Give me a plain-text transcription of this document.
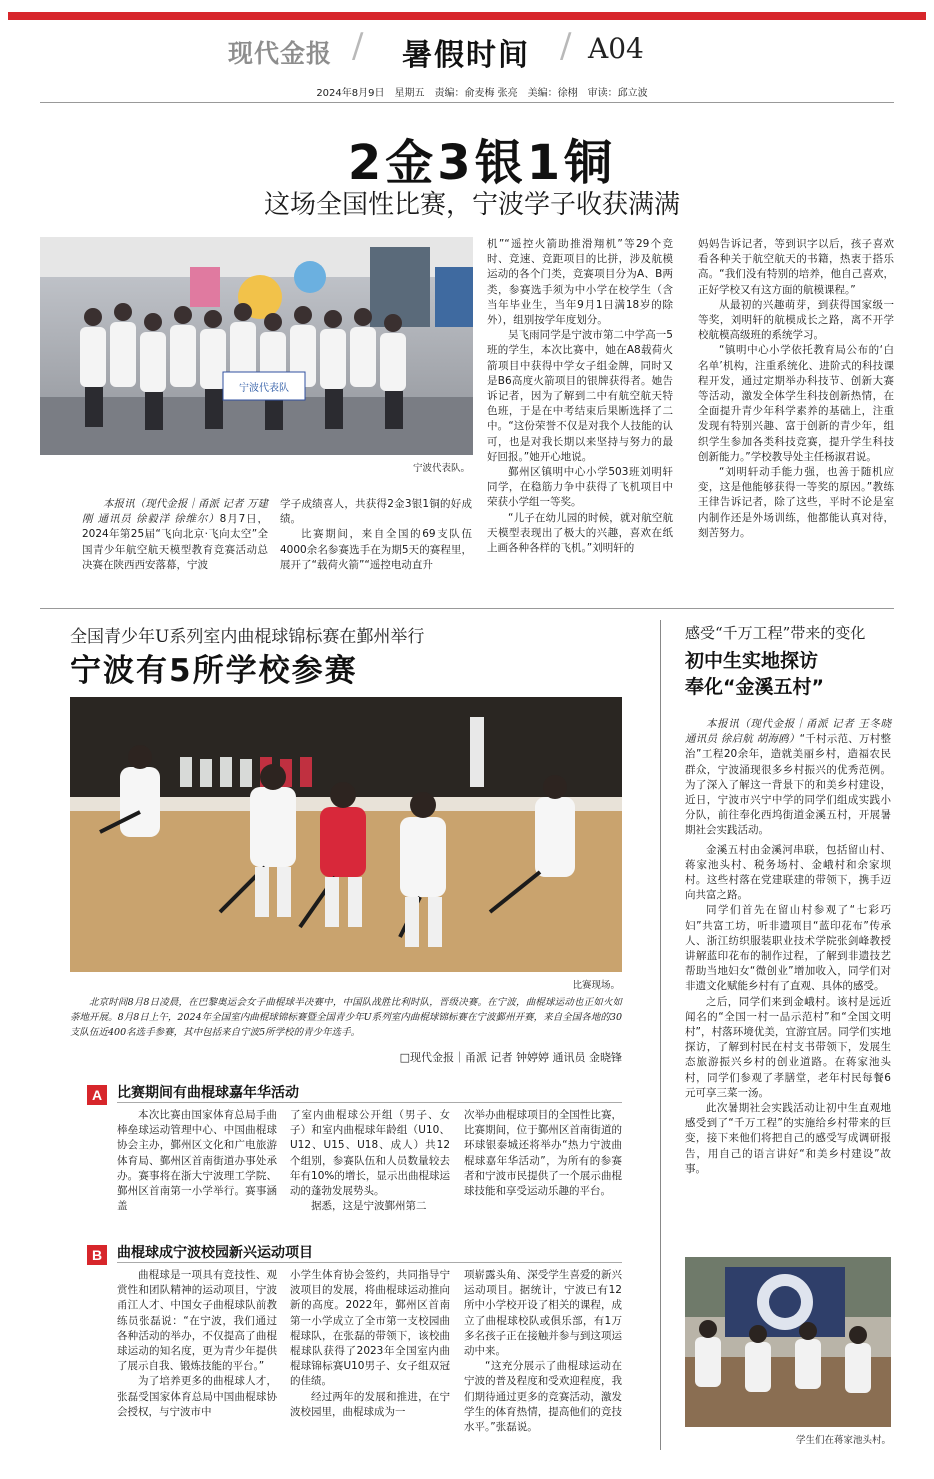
现代金报 / 暑假时间 / A04
2024年8月9日　星期五　责编：俞麦梅 张亮　美编：徐栩　审读：邱立波
2金3银1铜
这场全国性比赛，宁波学子收获满满
宁波代表队
宁波代表队。

本报讯（现代金报｜甬派 记者 万建刚 通讯员 徐毅洋 徐维尔）8月7日，2024年第25届“飞向北京·飞向太空”全国青少年航空航天模型教育竞赛活动总决赛在陕西西安落幕，宁波

学子成绩喜人，共获得2金3银1铜的好成绩。

比赛期间，来自全国的69支队伍4000余名参赛选手在为期5天的赛程里，展开了“载荷火箭”“遥控电动直升

机”“遥控火箭助推滑翔机”等29个竞时、竞速、竞距项目的比拼，涉及航模运动的各个门类，竞赛项目分为A、B两类，参赛选手须为中小学在校学生（含当年毕业生，当年9月1日满18岁的除外），组别按学年度划分。

吴飞雨同学是宁波市第二中学高一5班的学生，本次比赛中，她在A8载荷火箭项目中获得中学女子组金牌，同时又是B6高度火箭项目的银牌获得者。她告诉记者，因为了解到二中有航空航天特色班，于是在中考结束后果断选择了二中。“这份荣誉不仅是对我个人技能的认可，也是对我长期以来坚持与努力的最好回报。”她开心地说。

鄞州区镇明中心小学503班刘明轩同学，在稳筋力争中获得了飞机项目中荣获小学组一等奖。

“儿子在幼儿园的时候，就对航空航天模型表现出了极大的兴趣，喜欢在纸上画各种各样的飞机。”刘明轩的

妈妈告诉记者，等到识字以后，孩子喜欢看各种关于航空航天的书籍，热衷于搭乐高。“我们没有特别的培养，他自己喜欢，正好学校又有这方面的航模课程。”

从最初的兴趣萌芽，到获得国家级一等奖，刘明轩的航模成长之路，离不开学校航模高级班的系统学习。

“镇明中心小学依托教育局公布的‘白名单’机构，注重系统化、进阶式的科技课程开发，通过定期举办科技节、创新大赛等活动，激发全体学生科技创新热情，在全面提升青少年科学素养的基础上，注重发现有特别兴趣、富于创新的青少年，组织学生参加各类科技竞赛，提升学生科技创新能力。”学校教导处主任杨淑君说。

“刘明轩动手能力强，也善于随机应变，这是他能够获得一等奖的原因。”教练王律告诉记者，除了这些，平时不论是室内制作还是外场训练，他都能认真对待，刻苦努力。

全国青少年U系列室内曲棍球锦标赛在鄞州举行
宁波有5所学校参赛
比赛现场。

北京时间8月8日凌晨，在巴黎奥运会女子曲棍球半决赛中，中国队战胜比利时队，晋级决赛。在宁波，曲棍球运动也正如火如荼地开展。8月8日上午，2024年全国室内曲棍球锦标赛暨全国青少年U系列室内曲棍球锦标赛在宁波鄞州开赛，来自全国各地的30支队伍近400名选手参赛，其中包括来自宁波5所学校的青少年选手。

□现代金报｜甬派 记者 钟婷婷 通讯员 金晓锋
A	比赛期间有曲棍球嘉年华活动

本次比赛由国家体育总局手曲棒垒球运动管理中心、中国曲棍球协会主办，鄞州区文化和广电旅游体育局、鄞州区首南街道办事处承办。赛事将在浙大宁波理工学院、鄞州区首南第一小学举行。赛事涵盖

了室内曲棍球公开组（男子、女子）和室内曲棍球年龄组（U10、U12、U15、U18、成人）共12个组别，参赛队伍和人员数量较去年有10%的增长，显示出曲棍球运动的蓬勃发展势头。

据悉，这是宁波鄞州第二

次举办曲棍球项目的全国性比赛，比赛期间，位于鄞州区首南街道的环球银泰城还将举办“热力宁波曲棍球嘉年华活动”，为所有的参赛者和宁波市民提供了一个展示曲棍球技能和享受运动乐趣的平台。

B	曲棍球成宁波校园新兴运动项目

曲棍球是一项具有竞技性、观赏性和团队精神的运动项目，宁波甬江人才、中国女子曲棍球队前教练员张磊说：“在宁波，我们通过各种活动的举办，不仅提高了曲棍球运动的知名度，更为青少年提供了展示自我、锻炼技能的平台。”

为了培养更多的曲棍球人才，张磊受国家体育总局中国曲棍球协会授权，与宁波市中

小学生体育协会签约，共同指导宁波项目的发展，将曲棍球运动推向新的高度。2022年，鄞州区首南第一小学成立了全市第一支校园曲棍球队，在张磊的带领下，该校曲棍球队获得了2023年全国室内曲棍球锦标赛U10男子、女子组双冠的佳绩。

经过两年的发展和推进，在宁波校园里，曲棍球成为一

项崭露头角、深受学生喜爱的新兴运动项目。据统计，宁波已有12所中小学校开设了相关的课程，成立了曲棍球校队或俱乐部，有1万多名孩子正在接触并参与到这项运动中来。

“这充分展示了曲棍球运动在宁波的普及程度和受欢迎程度，我们期待通过更多的竞赛活动，激发学生的体育热情，提高他们的竞技水平。”张磊说。

感受“千万工程”带来的变化
初中生实地探访
奉化“金溪五村”

本报讯（现代金报｜甬派 记者 王冬晓 通讯员 徐启航 胡海鸥）“千村示范、万村整治”工程20余年，造就美丽乡村，造福农民群众，宁波涌现很多乡村振兴的优秀范例。为了深入了解这一背景下的和美乡村建设，近日，宁波市兴宁中学的同学们组成实践小分队，前往奉化西坞街道金溪五村，开展暑期社会实践活动。

金溪五村由金溪河串联，包括留山村、蒋家池头村、税务场村、金峨村和余家坝村。这些村落在党建联建的带领下，携手迈向共富之路。

同学们首先在留山村参观了“七彩巧妇”共富工坊，听非遗项目“蓝印花布”传承人、浙江纺织服装职业技术学院张剑峰教授讲解蓝印花布的制作过程，了解到非遗技艺帮助当地妇女“微创业”增加收入，同学们对非遗文化赋能乡村有了直观、具体的感受。

之后，同学们来到金峨村。该村是远近闻名的“全国一村一品示范村”和“全国文明村”，村落环境优美，宜游宜居。同学们实地探访，了解到村民在村支书带领下，发展生态旅游振兴乡村的创业道路。在蒋家池头村，同学们参观了孝膳堂，老年村民每餐6元可享三菜一汤。

此次暑期社会实践活动让初中生直观地感受到了“千万工程”的实施给乡村带来的巨变，接下来他们将把自己的感受写成调研报告，用自己的语言讲好“和美乡村建设”故事。

学生们在蒋家池头村。
